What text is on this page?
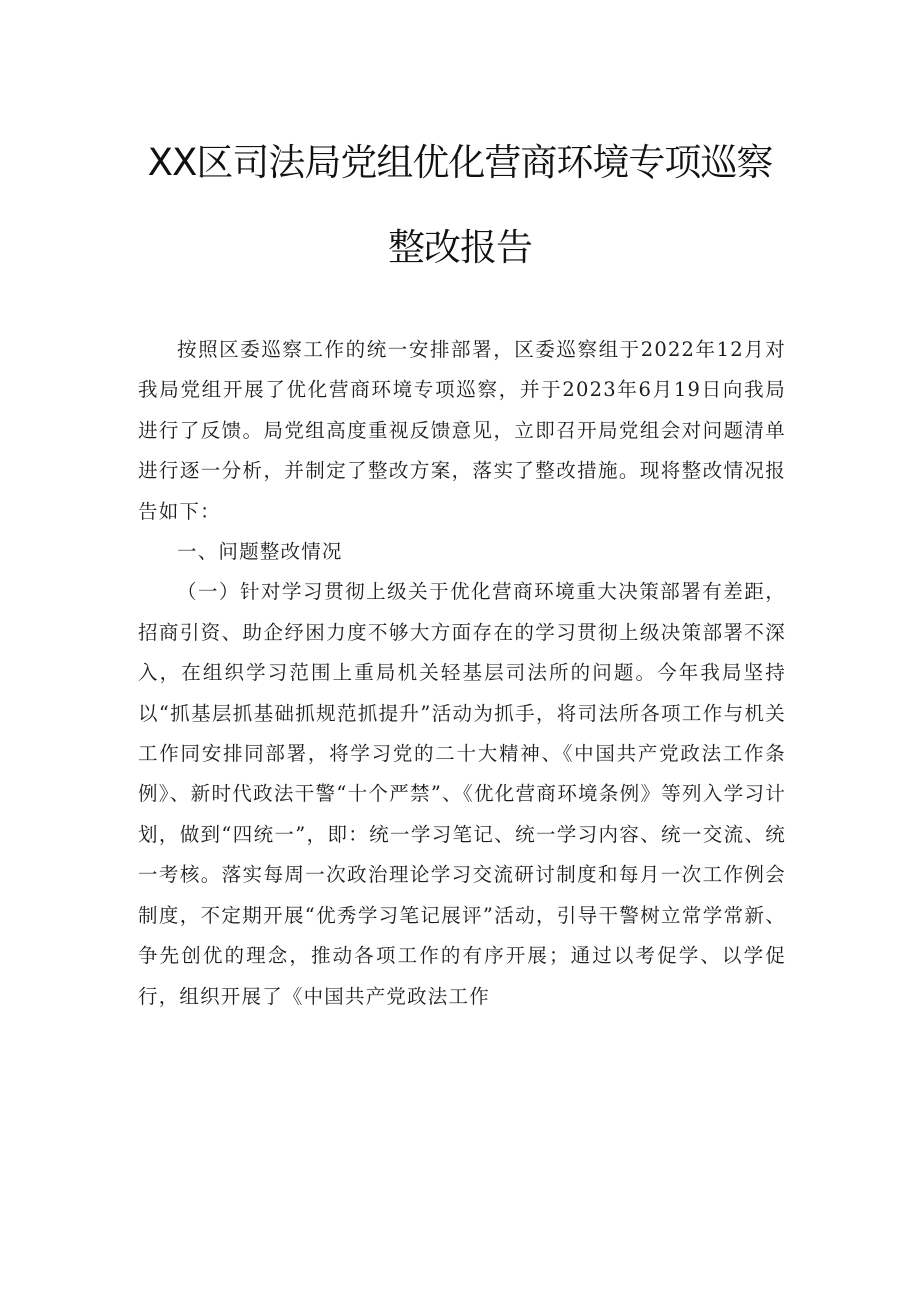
XX区司法局党组优化营商环境专项巡察
整改报告

按照区委巡察工作的统一安排部署，区委巡察组于2022年12月对我局党组开展了优化营商环境专项巡察，并于2023年6月19日向我局进行了反馈。局党组高度重视反馈意见，立即召开局党组会对问题清单进行逐一分析，并制定了整改方案，落实了整改措施。现将整改情况报告如下：

一、问题整改情况

（一）针对学习贯彻上级关于优化营商环境重大决策部署有差距，招商引资、助企纾困力度不够大方面存在的学习贯彻上级决策部署不深入，在组织学习范围上重局机关轻基层司法所的问题。今年我局坚持以“抓基层抓基础抓规范抓提升”活动为抓手，将司法所各项工作与机关工作同安排同部署，将学习党的二十大精神、《中国共产党政法工作条例》、新时代政法干警“十个严禁”、《优化营商环境条例》等列入学习计划，做到“四统一”，即：统一学习笔记、统一学习内容、统一交流、统一考核。落实每周一次政治理论学习交流研讨制度和每月一次工作例会制度，不定期开展“优秀学习笔记展评”活动，引导干警树立常学常新、争先创优的理念，推动各项工作的有序开展；通过以考促学、以学促行，组织开展了《中国共产党政法工作
